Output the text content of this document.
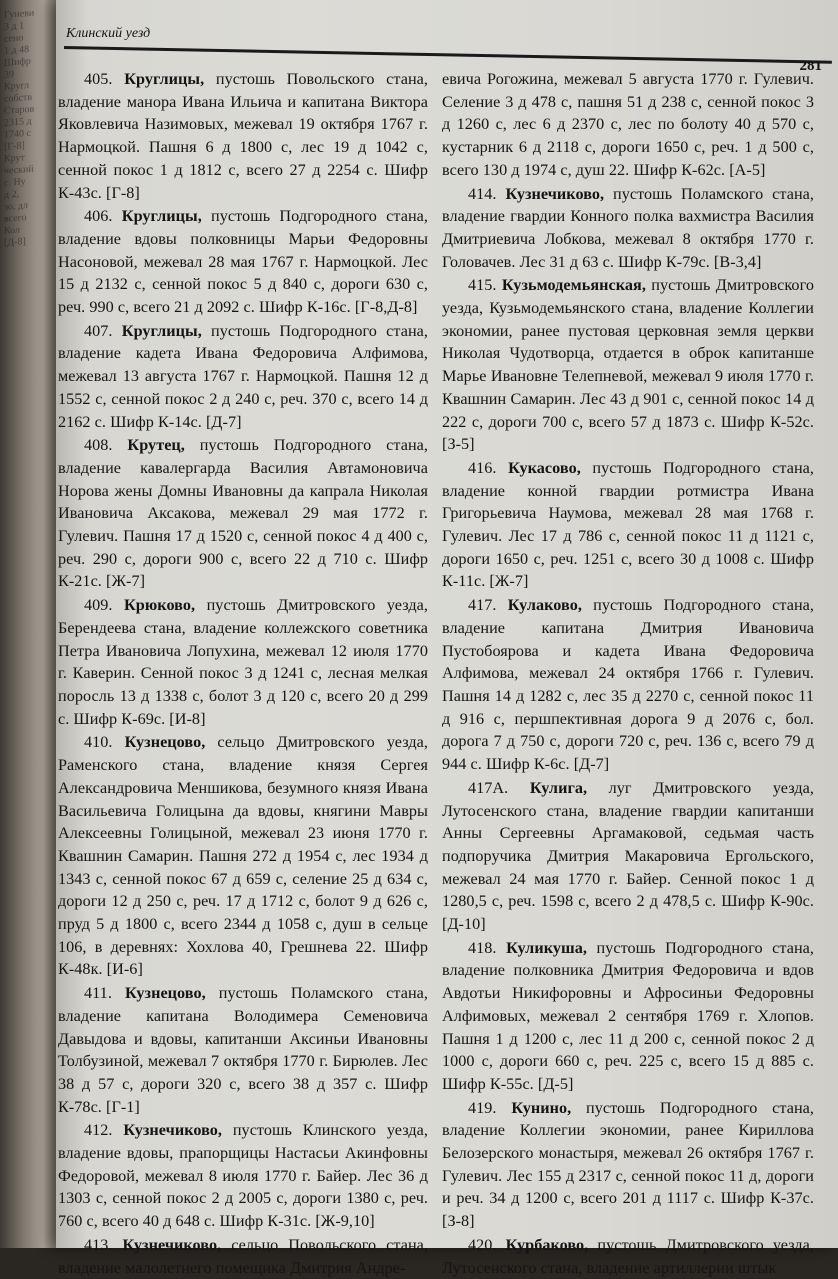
Гуневи
3 д 1
сено
1 д 48
Шифр
39
Кругл
собств
Старов
2315 д
1740 с
[Г-8]
Крут
ческий
с. Ну
д 2,
зо, дл
всего
Кол
[Д-8]
Клинский уезд
281

405. Круглицы, пустошь Повольского стана, владение манора Ивана Ильича и капитана Виктора Яковлевича Назимовых, межевал 19 октября 1767 г. Нармоцкой. Пашня 6 д 1800 с, лес 19 д 1042 с, сенной покос 1 д 1812 с, всего 27 д 2254 с. Шифр К-43с. [Г-8]

406. Круглицы, пустошь Подгородного стана, владение вдовы полковницы Марьи Федоровны Насоновой, межевал 28 мая 1767 г. Нармоцкой. Лес 15 д 2132 с, сенной покос 5 д 840 с, дороги 630 с, реч. 990 с, всего 21 д 2092 с. Шифр К-16с. [Г-8,Д-8]

407. Круглицы, пустошь Подгородного стана, владение кадета Ивана Федоровича Алфимова, межевал 13 августа 1767 г. Нармоцкой. Пашня 12 д 1552 с, сенной покос 2 д 240 с, реч. 370 с, всего 14 д 2162 с. Шифр К-14с. [Д-7]

408. Крутец, пустошь Подгородного стана, владение кавалергарда Василия Автамоновича Норова жены Домны Ивановны да капрала Николая Ивановича Аксакова, межевал 29 мая 1772 г. Гулевич. Пашня 17 д 1520 с, сенной покос 4 д 400 с, реч. 290 с, дороги 900 с, всего 22 д 710 с. Шифр К-21с. [Ж-7]

409. Крюково, пустошь Дмитровского уезда, Берендеева стана, владение коллежского советника Петра Ивановича Лопухина, межевал 12 июля 1770 г. Каверин. Сенной покос 3 д 1241 с, лесная мелкая поросль 13 д 1338 с, болот 3 д 120 с, всего 20 д 299 с. Шифр К-69с. [И-8]

410. Кузнецово, сельцо Дмитровского уезда, Раменского стана, владение князя Сергея Александровича Меншикова, безумного князя Ивана Васильевича Голицына да вдовы, княгини Мавры Алексеевны Голицыной, межевал 23 июня 1770 г. Квашнин Самарин. Пашня 272 д 1954 с, лес 1934 д 1343 с, сенной покос 67 д 659 с, селение 25 д 634 с, дороги 12 д 250 с, реч. 17 д 1712 с, болот 9 д 626 с, пруд 5 д 1800 с, всего 2344 д 1058 с, душ в сельце 106, в деревнях: Хохлова 40, Грешнева 22. Шифр К-48к. [И-6]

411. Кузнецово, пустошь Поламского стана, владение капитана Володимера Семеновича Давыдова и вдовы, капитанши Аксиньи Ивановны Толбузиной, межевал 7 октября 1770 г. Бирюлев. Лес 38 д 57 с, дороги 320 с, всего 38 д 357 с. Шифр К-78с. [Г-1]

412. Кузнечиково, пустошь Клинского уезда, владение вдовы, прапорщицы Настасьи Акинфовны Федоровой, межевал 8 июля 1770 г. Байер. Лес 36 д 1303 с, сенной покос 2 д 2005 с, дороги 1380 с, реч. 760 с, всего 40 д 648 с. Шифр К-31с. [Ж-9,10]

413. Кузнечиково, сельцо Повольского стана, владение малолетнего помещика Дмитрия Андре-

евича Рогожина, межевал 5 августа 1770 г. Гулевич. Селение 3 д 478 с, пашня 51 д 238 с, сенной покос 3 д 1260 с, лес 6 д 2370 с, лес по болоту 40 д 570 с, кустарник 6 д 2118 с, дороги 1650 с, реч. 1 д 500 с, всего 130 д 1974 с, душ 22. Шифр К-62с. [А-5]

414. Кузнечиково, пустошь Поламского стана, владение гвардии Конного полка вахмистра Василия Дмитриевича Лобкова, межевал 8 октября 1770 г. Головачев. Лес 31 д 63 с. Шифр К-79с. [В-3,4]

415. Кузьмодемьянская, пустошь Дмитровского уезда, Кузьмодемьянского стана, владение Коллегии экономии, ранее пустовая церковная земля церкви Николая Чудотворца, отдается в оброк капитанше Марье Ивановне Телепневой, межевал 9 июля 1770 г. Квашнин Самарин. Лес 43 д 901 с, сенной покос 14 д 222 с, дороги 700 с, всего 57 д 1873 с. Шифр К-52с. [З-5]

416. Кукасово, пустошь Подгородного стана, владение конной гвардии ротмистра Ивана Григорьевича Наумова, межевал 28 мая 1768 г. Гулевич. Лес 17 д 786 с, сенной покос 11 д 1121 с, дороги 1650 с, реч. 1251 с, всего 30 д 1008 с. Шифр К-11с. [Ж-7]

417. Кулаково, пустошь Подгородного стана, владение капитана Дмитрия Ивановича Пустобоярова и кадета Ивана Федоровича Алфимова, межевал 24 октября 1766 г. Гулевич. Пашня 14 д 1282 с, лес 35 д 2270 с, сенной покос 11 д 916 с, першпективная дорога 9 д 2076 с, бол. дорога 7 д 750 с, дороги 720 с, реч. 136 с, всего 79 д 944 с. Шифр К-6с. [Д-7]

417А. Кулига, луг Дмитровского уезда, Лутосенского стана, владение гвардии капитанши Анны Сергеевны Аргамаковой, седьмая часть подпоручика Дмитрия Макаровича Ергольского, межевал 24 мая 1770 г. Байер. Сенной покос 1 д 1280,5 с, реч. 1598 с, всего 2 д 478,5 с. Шифр К-90с. [Д-10]

418. Куликуша, пустошь Подгородного стана, владение полковника Дмитрия Федоровича и вдов Авдотьи Никифоровны и Афросиньи Федоровны Алфимовых, межевал 2 сентября 1769 г. Хлопов. Пашня 1 д 1200 с, лес 11 д 200 с, сенной покос 2 д 1000 с, дороги 660 с, реч. 225 с, всего 15 д 885 с. Шифр К-55с. [Д-5]

419. Кунино, пустошь Подгородного стана, владение Коллегии экономии, ранее Кириллова Белозерского монастыря, межевал 26 октября 1767 г. Гулевич. Лес 155 д 2317 с, сенной покос 11 д, дороги и реч. 34 д 1200 с, всего 201 д 1117 с. Шифр К-37с. [З-8]

420. Курбаково, пустошь Дмитровского уезда, Лутосенского стана, владение артиллерии штык
